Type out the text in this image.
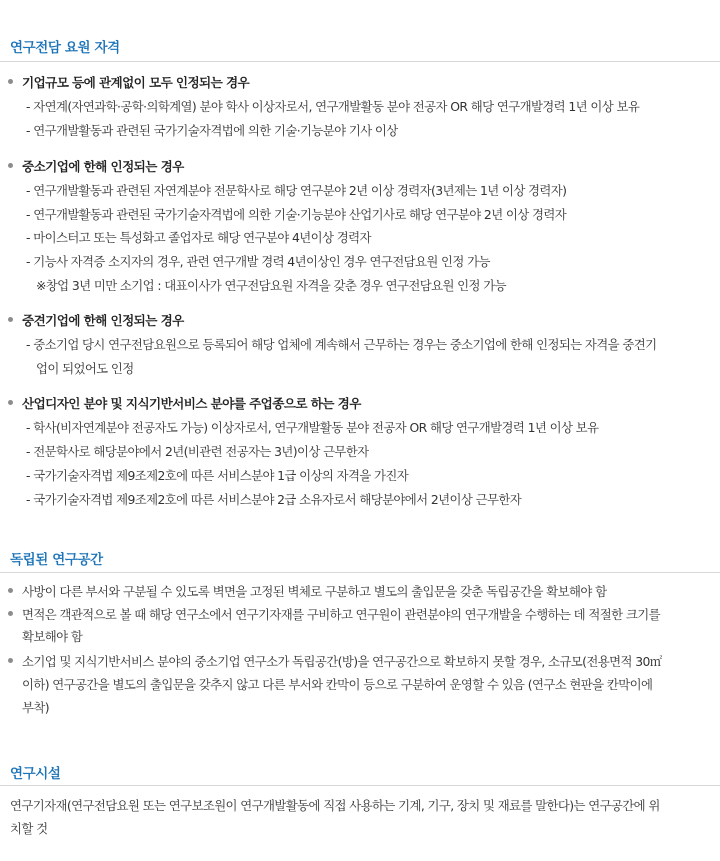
연구전담 요원 자격
기업규모 등에 관계없이 모두 인정되는 경우
- 자연계(자연과학·공학·의학계열) 분야 학사 이상자로서, 연구개발활동 분야 전공자 OR 해당 연구개발경력 1년 이상 보유
- 연구개발활동과 관련된 국가기술자격법에 의한 기술·기능분야 기사 이상
중소기업에 한해 인정되는 경우
- 연구개발활동과 관련된 자연계분야 전문학사로 해당 연구분야 2년 이상 경력자(3년제는 1년 이상 경력자)
- 연구개발활동과 관련된 국가기술자격법에 의한 기술·기능분야 산업기사로 해당 연구분야 2년 이상 경력자
- 마이스터고 또는 특성화고 졸업자로 해당 연구분야 4년이상 경력자
- 기능사 자격증 소지자의 경우, 관련 연구개발 경력 4년이상인 경우 연구전담요원 인정 가능
※창업 3년 미만 소기업 : 대표이사가 연구전담요원 자격을 갖춘 경우 연구전담요원 인정 가능
중견기업에 한해 인정되는 경우
- 중소기업 당시 연구전담요원으로 등록되어 해당 업체에 계속해서 근무하는 경우는 중소기업에 한해 인정되는 자격을 중견기
업이 되었어도 인정
산업디자인 분야 및 지식기반서비스 분야를 주업종으로 하는 경우
- 학사(비자연계분야 전공자도 가능) 이상자로서, 연구개발활동 분야 전공자 OR 해당 연구개발경력 1년 이상 보유
- 전문학사로 해당분야에서 2년(비관련 전공자는 3년)이상 근무한자
- 국가기술자격법 제9조제2호에 따른 서비스분야 1급 이상의 자격을 가진자
- 국가기술자격법 제9조제2호에 따른 서비스분야 2급 소유자로서 해당분야에서 2년이상 근무한자
독립된 연구공간
사방이 다른 부서와 구분될 수 있도록 벽면을 고정된 벽체로 구분하고 별도의 출입문을 갖춘 독립공간을 확보해야 함
면적은 객관적으로 볼 때 해당 연구소에서 연구기자재를 구비하고 연구원이 관련분야의 연구개발을 수행하는 데 적절한 크기를
확보해야 함
소기업 및 지식기반서비스 분야의 중소기업 연구소가 독립공간(방)을 연구공간으로 확보하지 못할 경우, 소규모(전용면적 30㎡
이하) 연구공간을 별도의 출입문을 갖추지 않고 다른 부서와 칸막이 등으로 구분하여 운영할 수 있음 (연구소 현판을 칸막이에
부착)
연구시설
연구기자재(연구전담요원 또는 연구보조원이 연구개발활동에 직접 사용하는 기계, 기구, 장치 및 재료를 말한다)는 연구공간에 위
치할 것
